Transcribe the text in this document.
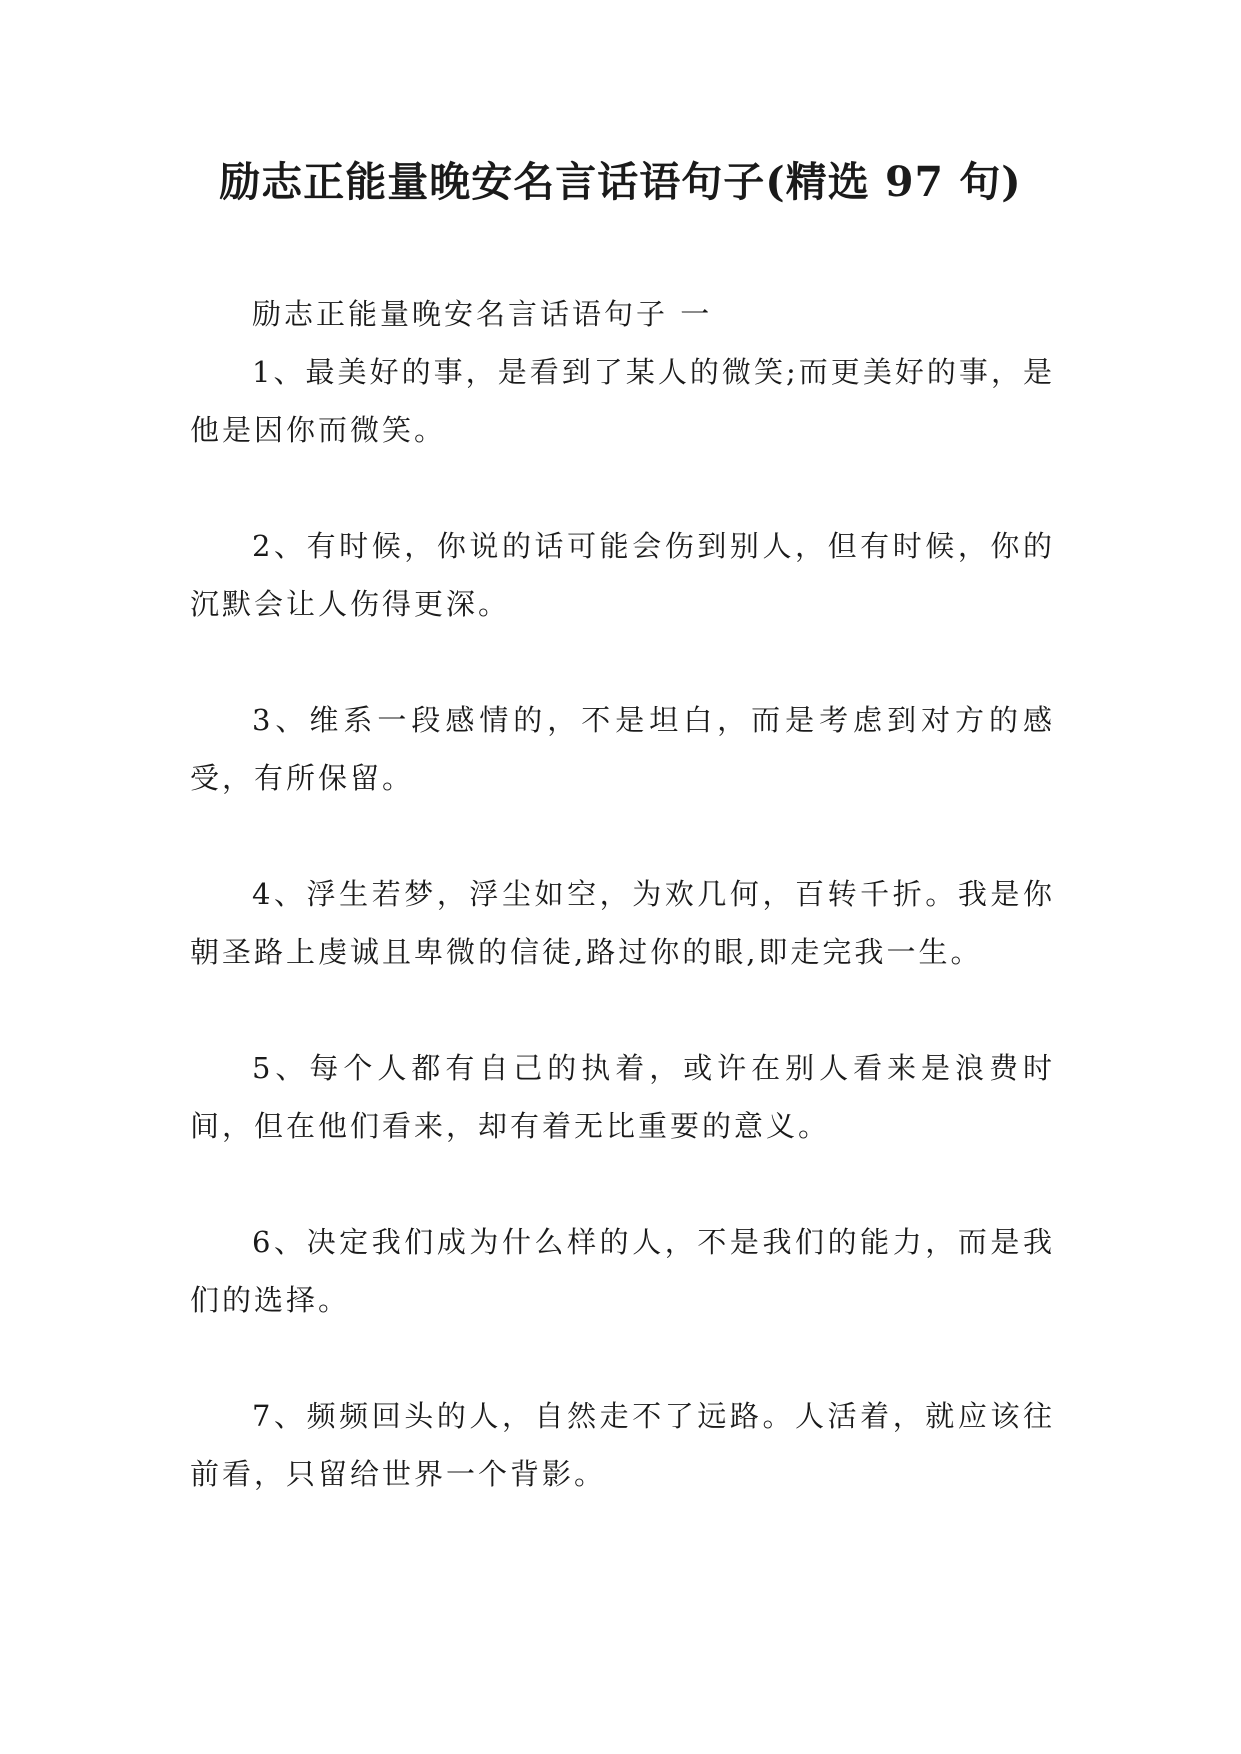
励志正能量晚安名言话语句子(精选 97 句)
励志正能量晚安名言话语句子 一

1、最美好的事，是看到了某人的微笑;而更美好的事，是他是因你而微笑。

2、有时候，你说的话可能会伤到别人，但有时候，你的沉默会让人伤得更深。

3、维系一段感情的，不是坦白，而是考虑到对方的感受，有所保留。

4、浮生若梦，浮尘如空，为欢几何，百转千折。我是你朝圣路上虔诚且卑微的信徒,路过你的眼,即走完我一生。

5、每个人都有自己的执着，或许在别人看来是浪费时间，但在他们看来，却有着无比重要的意义。

6、决定我们成为什么样的人，不是我们的能力，而是我们的选择。

7、频频回头的人，自然走不了远路。人活着，就应该往前看，只留给世界一个背影。
